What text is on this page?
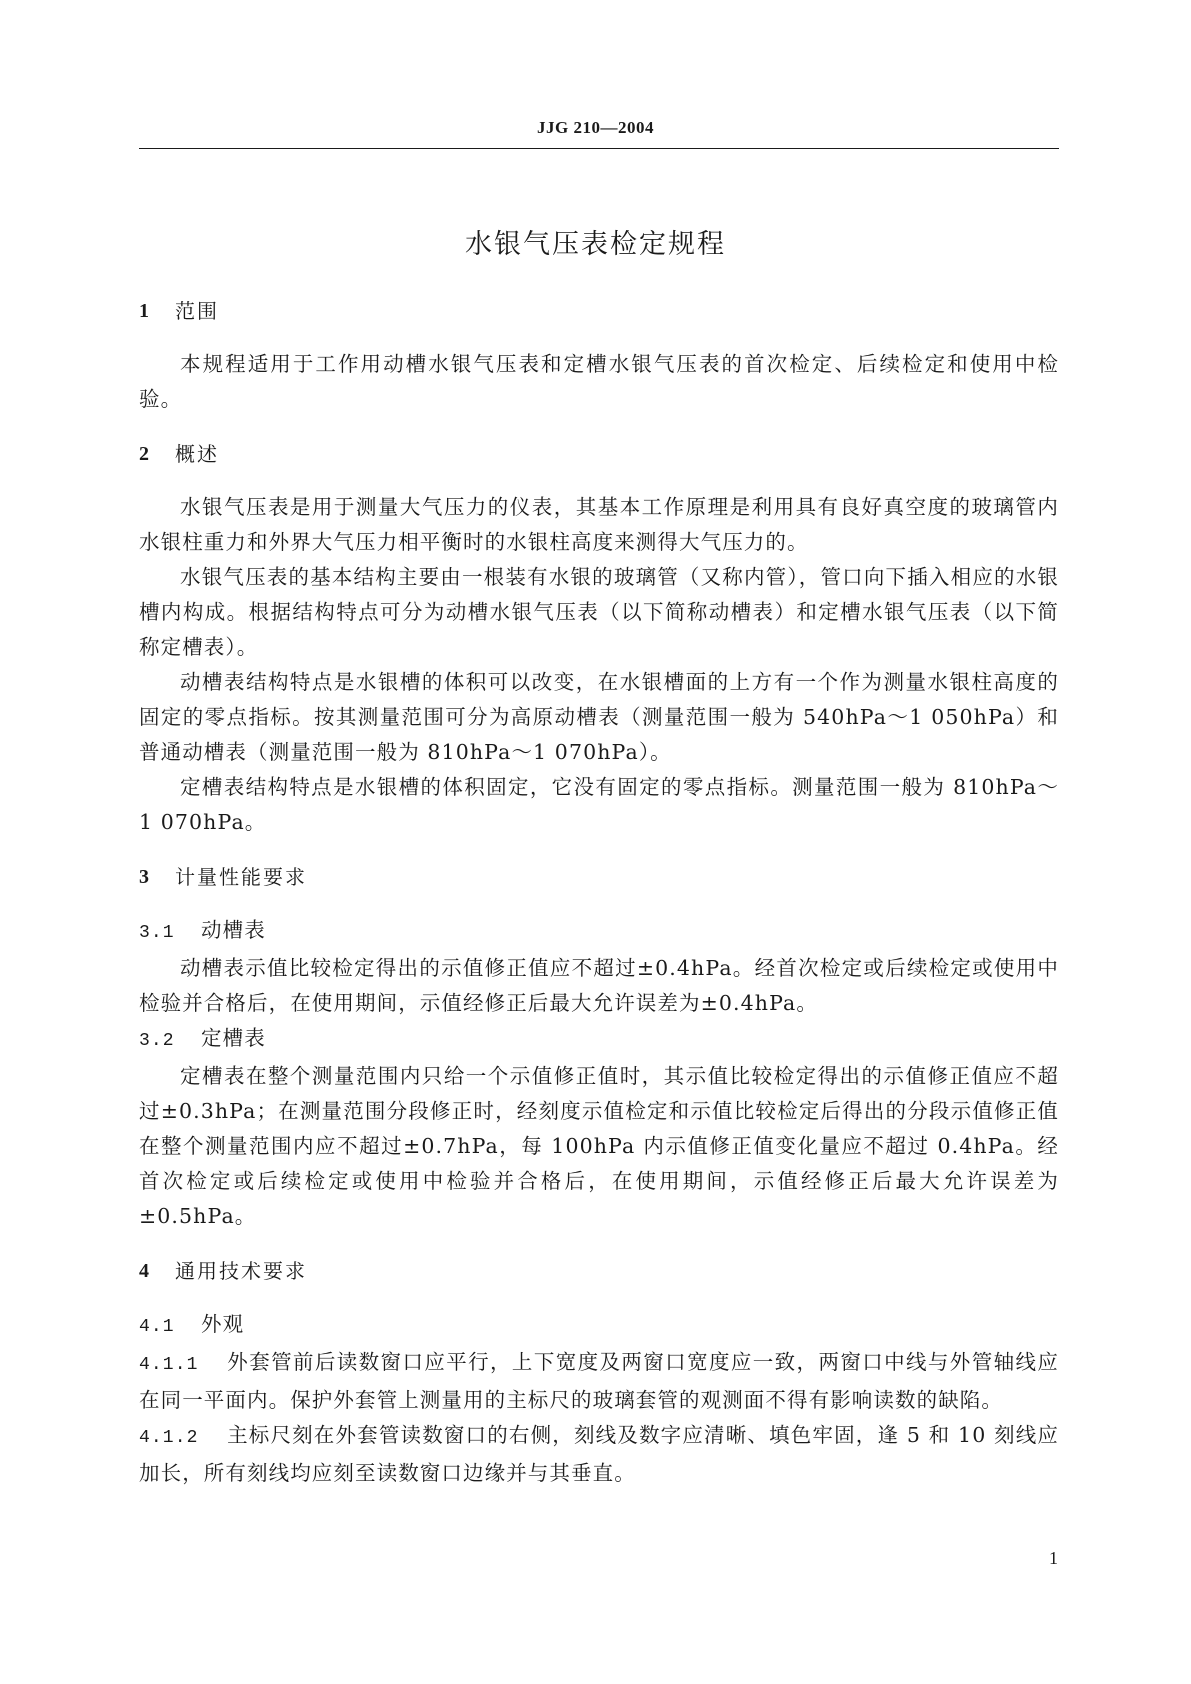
JJG 210—2004
水银气压表检定规程
1	范围

本规程适用于工作用动槽水银气压表和定槽水银气压表的首次检定、后续检定和使用中检验。

2	概述

水银气压表是用于测量大气压力的仪表，其基本工作原理是利用具有良好真空度的玻璃管内水银柱重力和外界大气压力相平衡时的水银柱高度来测得大气压力的。

水银气压表的基本结构主要由一根装有水银的玻璃管（又称内管），管口向下插入相应的水银槽内构成。根据结构特点可分为动槽水银气压表（以下简称动槽表）和定槽水银气压表（以下简称定槽表）。

动槽表结构特点是水银槽的体积可以改变，在水银槽面的上方有一个作为测量水银柱高度的固定的零点指标。按其测量范围可分为高原动槽表（测量范围一般为 540hPa～1 050hPa）和普通动槽表（测量范围一般为 810hPa～1 070hPa）。

定槽表结构特点是水银槽的体积固定，它没有固定的零点指标。测量范围一般为 810hPa～1 070hPa。

3	计量性能要求

3.1 动槽表

动槽表示值比较检定得出的示值修正值应不超过±0.4hPa。经首次检定或后续检定或使用中检验并合格后，在使用期间，示值经修正后最大允许误差为±0.4hPa。

3.2 定槽表

定槽表在整个测量范围内只给一个示值修正值时，其示值比较检定得出的示值修正值应不超过±0.3hPa；在测量范围分段修正时，经刻度示值检定和示值比较检定后得出的分段示值修正值在整个测量范围内应不超过±0.7hPa，每 100hPa 内示值修正值变化量应不超过 0.4hPa。经首次检定或后续检定或使用中检验并合格后，在使用期间，示值经修正后最大允许误差为±0.5hPa。

4	通用技术要求

4.1 外观

4.1.1 外套管前后读数窗口应平行，上下宽度及两窗口宽度应一致，两窗口中线与外管轴线应在同一平面内。保护外套管上测量用的主标尺的玻璃套管的观测面不得有影响读数的缺陷。

4.1.2 主标尺刻在外套管读数窗口的右侧，刻线及数字应清晰、填色牢固，逢 5 和 10 刻线应加长，所有刻线均应刻至读数窗口边缘并与其垂直。

1
